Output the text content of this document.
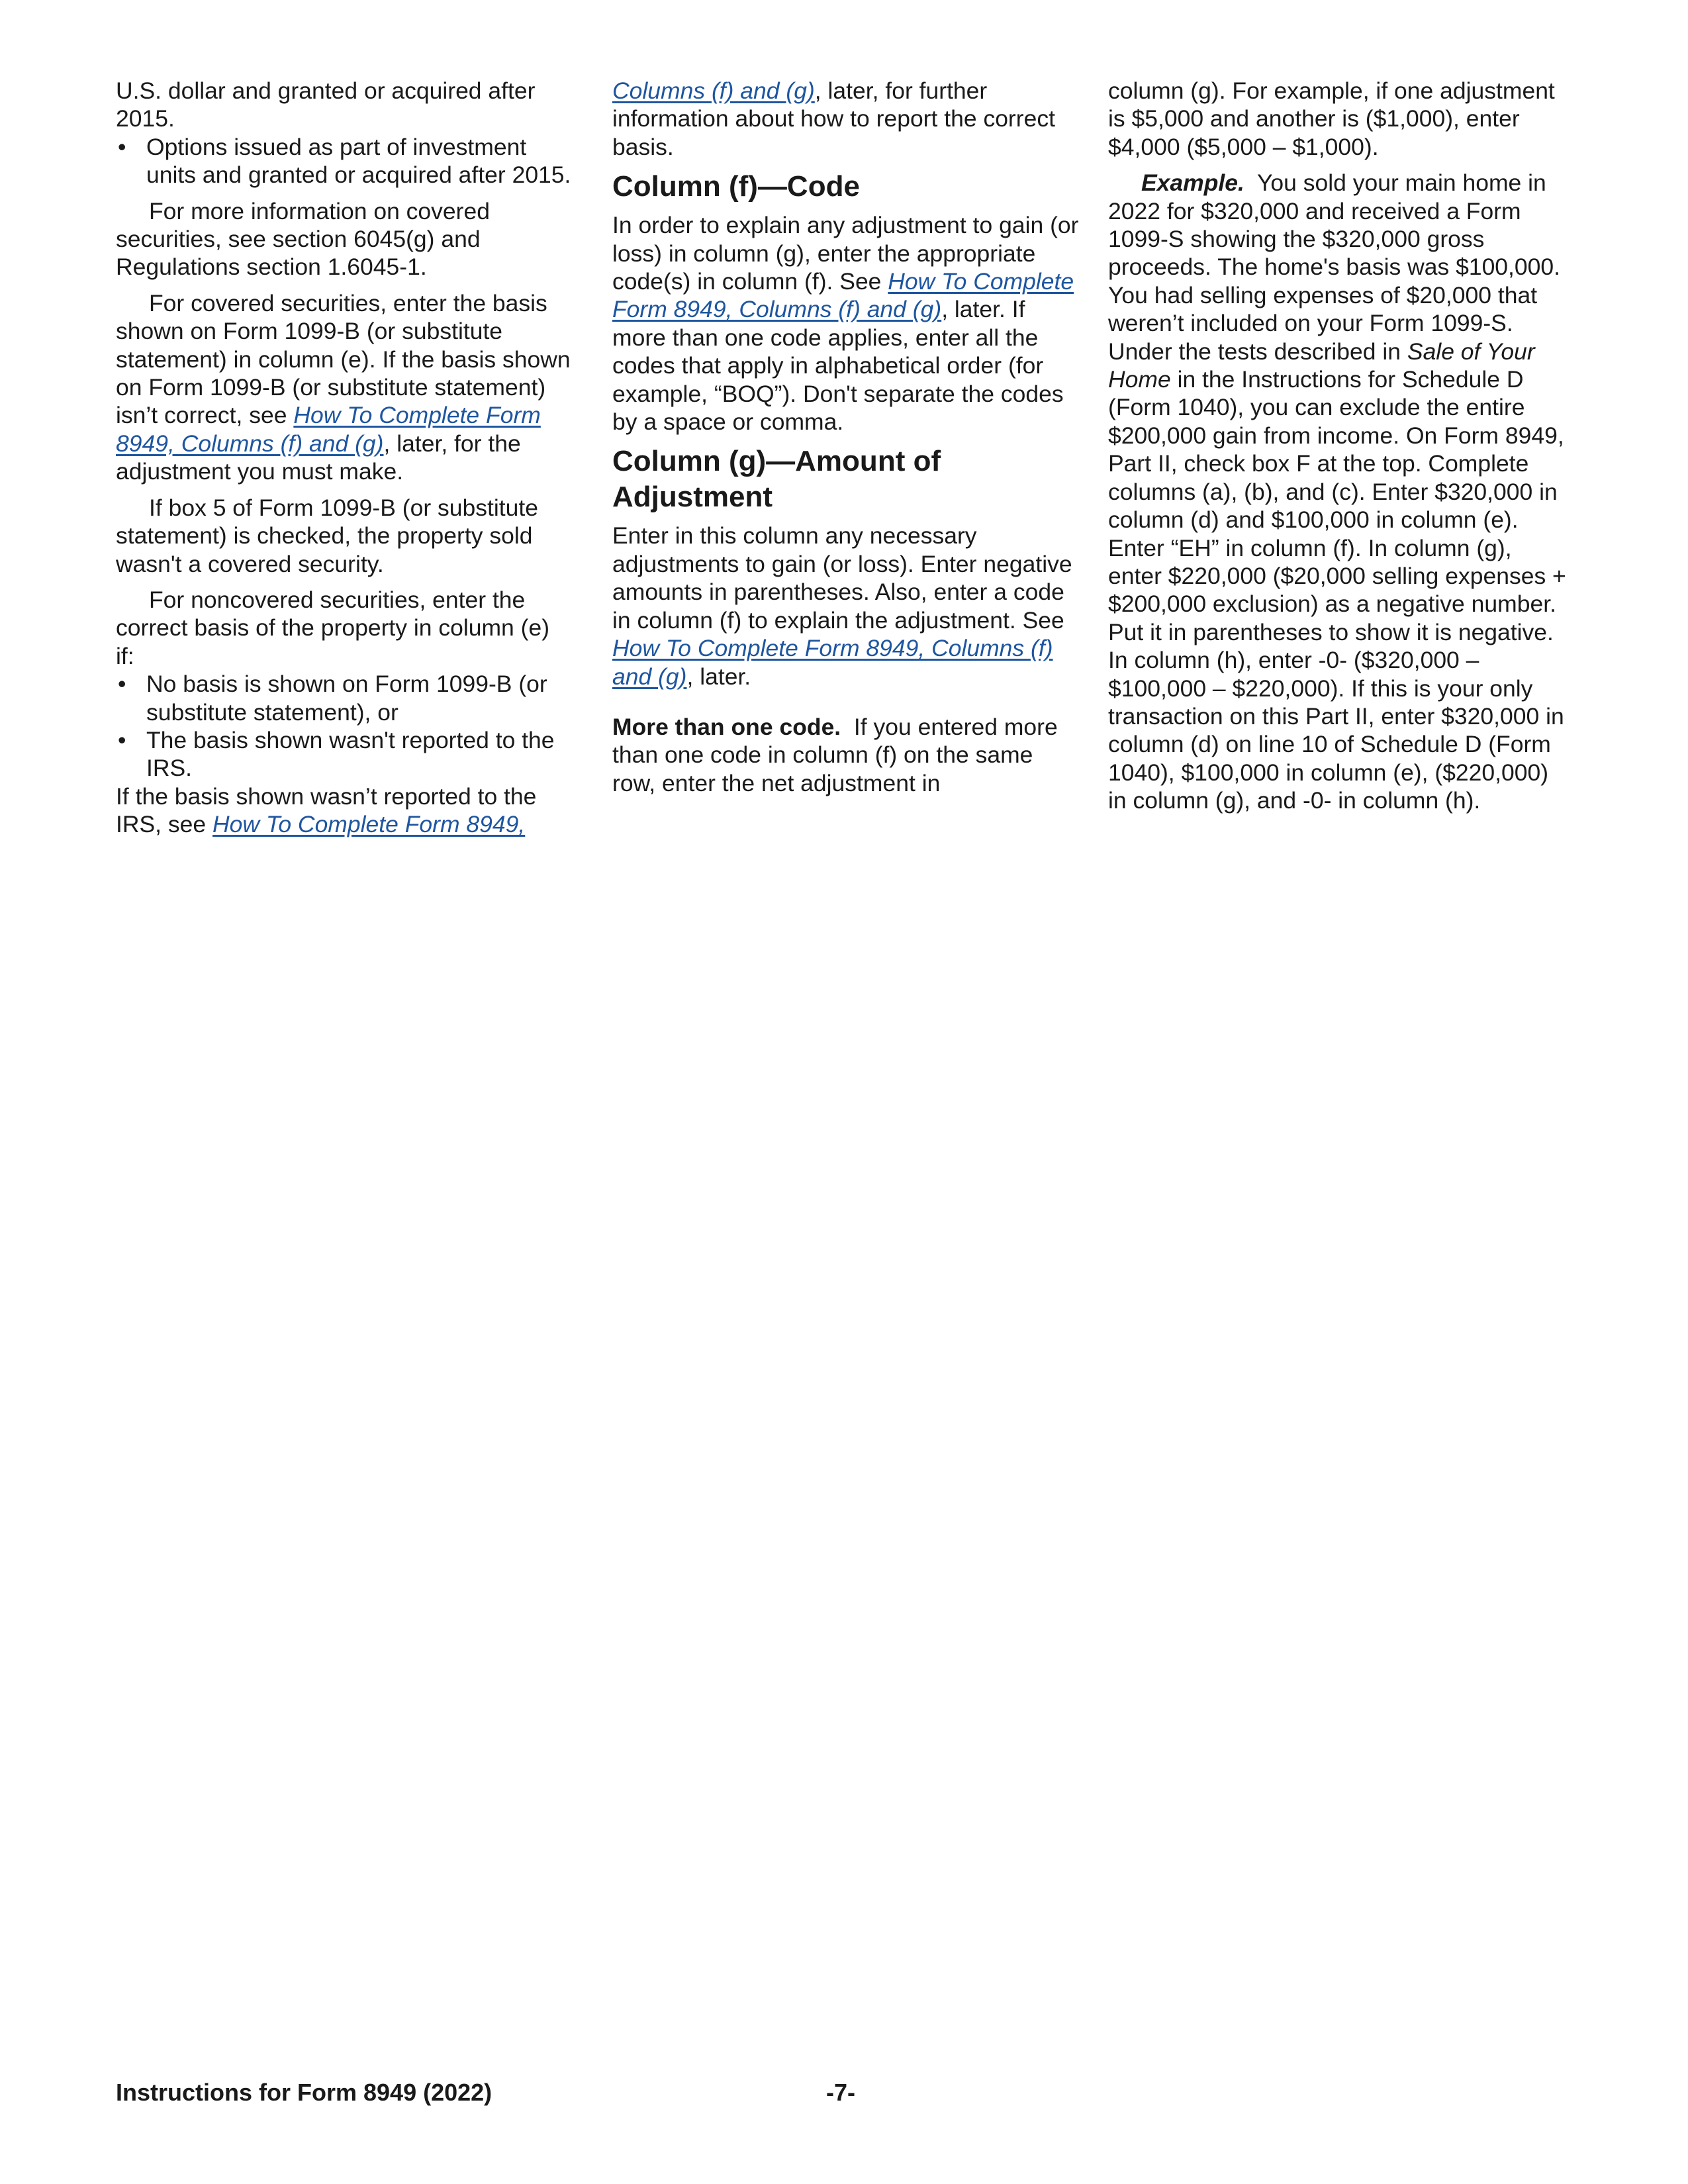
U.S. dollar and granted or acquired after 2015.

• Options issued as part of investment units and granted or acquired after 2015.

For more information on covered securities, see section 6045(g) and Regulations section 1.6045-1.

For covered securities, enter the basis shown on Form 1099-B (or substitute statement) in column (e). If the basis shown on Form 1099-B (or substitute statement) isn’t correct, see How To Complete Form 8949, Columns (f) and (g), later, for the adjustment you must make.

If box 5 of Form 1099-B (or substitute statement) is checked, the property sold wasn't a covered security.

For noncovered securities, enter the correct basis of the property in column (e) if:

• No basis is shown on Form 1099-B (or substitute statement), or
• The basis shown wasn't reported to the IRS.

If the basis shown wasn’t reported to the IRS, see How To Complete Form 8949,

Columns (f) and (g), later, for further information about how to report the correct basis.

Column (f)—Code

In order to explain any adjustment to gain (or loss) in column (g), enter the appropriate code(s) in column (f). See How To Complete Form 8949, Columns (f) and (g), later. If more than one code applies, enter all the codes that apply in alphabetical order (for example, “BOQ”). Don't separate the codes by a space or comma.

Column (g)—Amount of Adjustment

Enter in this column any necessary adjustments to gain (or loss). Enter negative amounts in parentheses. Also, enter a code in column (f) to explain the adjustment. See How To Complete Form 8949, Columns (f) and (g), later.

More than one code.  If you entered more than one code in column (f) on the same row, enter the net adjustment in

column (g). For example, if one adjustment is $5,000 and another is ($1,000), enter $4,000 ($5,000 – $1,000).

Example.  You sold your main home in 2022 for $320,000 and received a Form 1099-S showing the $320,000 gross proceeds. The home's basis was $100,000. You had selling expenses of $20,000 that weren’t included on your Form 1099-S. Under the tests described in Sale of Your Home in the Instructions for Schedule D (Form 1040), you can exclude the entire $200,000 gain from income. On Form 8949, Part II, check box F at the top. Complete columns (a), (b), and (c). Enter $320,000 in column (d) and $100,000 in column (e). Enter “EH” in column (f). In column (g), enter $220,000 ($20,000 selling expenses + $200,000 exclusion) as a negative number. Put it in parentheses to show it is negative. In column (h), enter -0- ($320,000 – $100,000 – $220,000). If this is your only transaction on this Part II, enter $320,000 in column (d) on line 10 of Schedule D (Form 1040), $100,000 in column (e), ($220,000) in column (g), and -0- in column (h).

Instructions for Form 8949 (2022)	-7-
